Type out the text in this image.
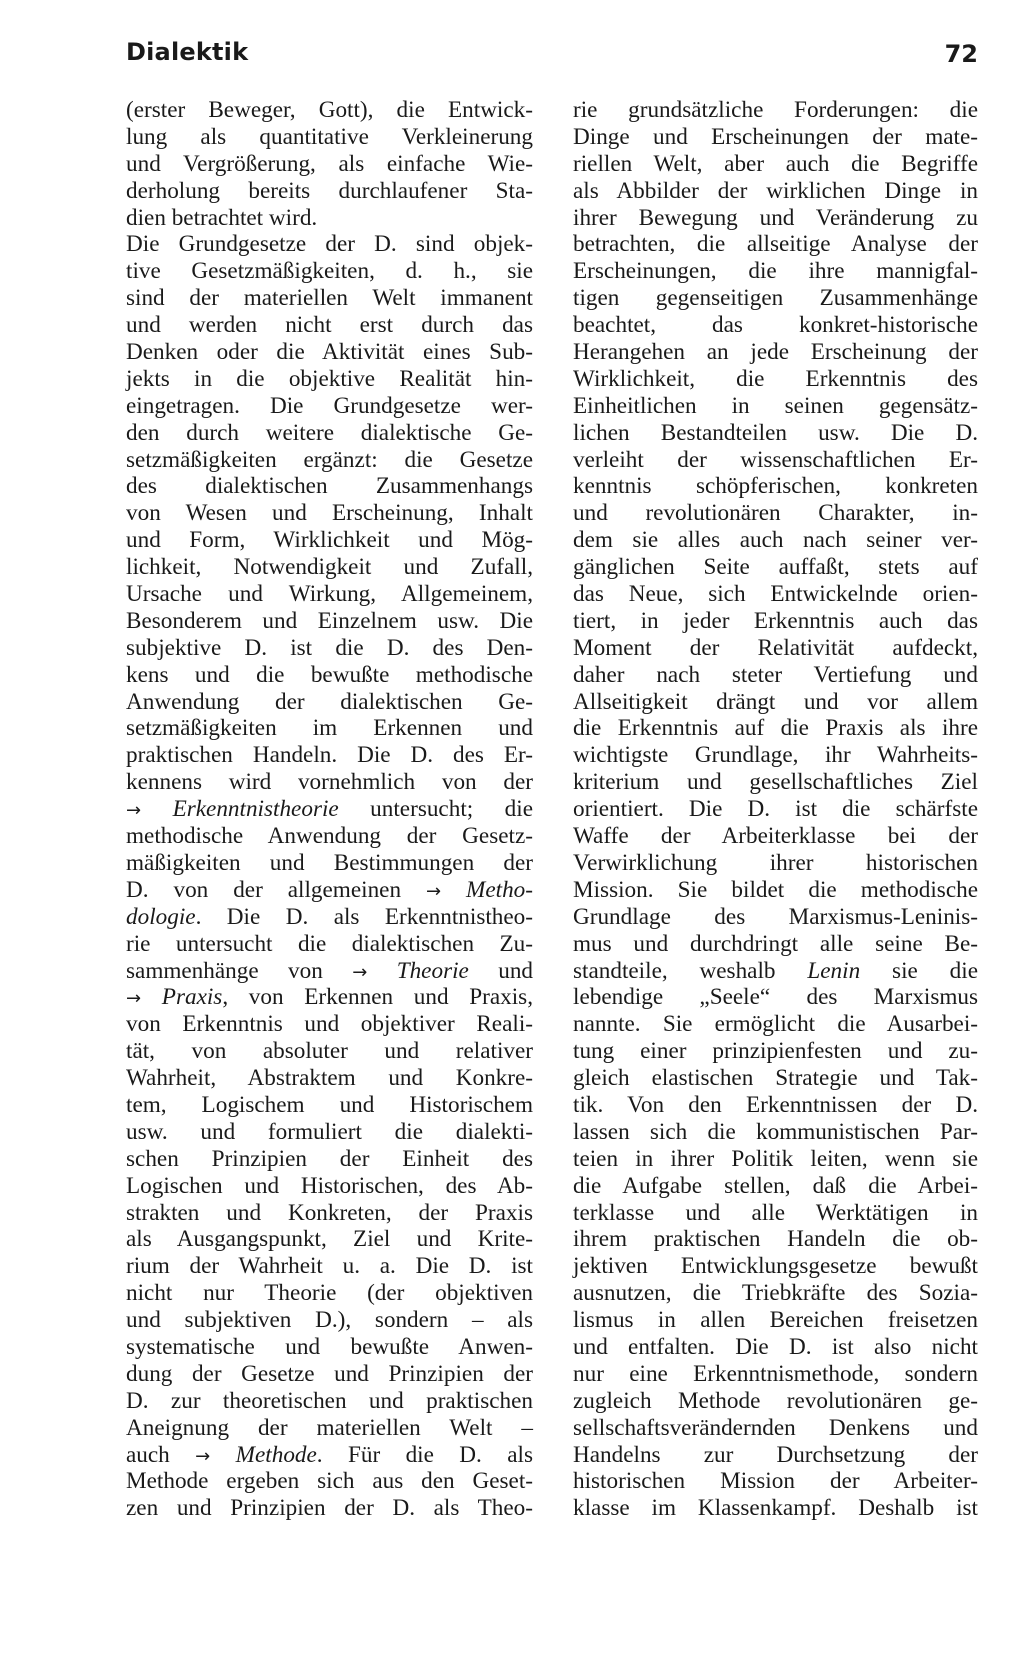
Dialektik	72
(erster Beweger, Gott), die Entwick-
lung als quantitative Verkleinerung
und Vergrößerung, als einfache Wie-
derholung bereits durchlaufener Sta-
dien betrachtet wird.
Die Grundgesetze der D. sind objek-
tive Gesetzmäßigkeiten, d. h., sie
sind der materiellen Welt immanent
und werden nicht erst durch das
Denken oder die Aktivität eines Sub-
jekts in die objektive Realität hin-
eingetragen. Die Grundgesetze wer-
den durch weitere dialektische Ge-
setzmäßigkeiten ergänzt: die Gesetze
des dialektischen Zusammenhangs
von Wesen und Erscheinung, Inhalt
und Form, Wirklichkeit und Mög-
lichkeit, Notwendigkeit und Zufall,
Ursache und Wirkung, Allgemeinem,
Besonderem und Einzelnem usw. Die
subjektive D. ist die D. des Den-
kens und die bewußte methodische
Anwendung der dialektischen Ge-
setzmäßigkeiten im Erkennen und
praktischen Handeln. Die D. des Er-
kennens wird vornehmlich von der
→ Erkenntnistheorie untersucht; die
methodische Anwendung der Gesetz-
mäßigkeiten und Bestimmungen der
D. von der allgemeinen → Metho-
dologie. Die D. als Erkenntnistheo-
rie untersucht die dialektischen Zu-
sammenhänge von → Theorie und
→ Praxis, von Erkennen und Praxis,
von Erkenntnis und objektiver Reali-
tät, von absoluter und relativer
Wahrheit, Abstraktem und Konkre-
tem, Logischem und Historischem
usw. und formuliert die dialekti-
schen Prinzipien der Einheit des
Logischen und Historischen, des Ab-
strakten und Konkreten, der Praxis
als Ausgangspunkt, Ziel und Krite-
rium der Wahrheit u. a. Die D. ist
nicht nur Theorie (der objektiven
und subjektiven D.), sondern – als
systematische und bewußte Anwen-
dung der Gesetze und Prinzipien der
D. zur theoretischen und praktischen
Aneignung der materiellen Welt –
auch → Methode. Für die D. als
Methode ergeben sich aus den Geset-
zen und Prinzipien der D. als Theo-
rie grundsätzliche Forderungen: die
Dinge und Erscheinungen der mate-
riellen Welt, aber auch die Begriffe
als Abbilder der wirklichen Dinge in
ihrer Bewegung und Veränderung zu
betrachten, die allseitige Analyse der
Erscheinungen, die ihre mannigfal-
tigen gegenseitigen Zusammenhänge
beachtet, das konkret-historische
Herangehen an jede Erscheinung der
Wirklichkeit, die Erkenntnis des
Einheitlichen in seinen gegensätz-
lichen Bestandteilen usw. Die D.
verleiht der wissenschaftlichen Er-
kenntnis schöpferischen, konkreten
und revolutionären Charakter, in-
dem sie alles auch nach seiner ver-
gänglichen Seite auffaßt, stets auf
das Neue, sich Entwickelnde orien-
tiert, in jeder Erkenntnis auch das
Moment der Relativität aufdeckt,
daher nach steter Vertiefung und
Allseitigkeit drängt und vor allem
die Erkenntnis auf die Praxis als ihre
wichtigste Grundlage, ihr Wahrheits-
kriterium und gesellschaftliches Ziel
orientiert. Die D. ist die schärfste
Waffe der Arbeiterklasse bei der
Verwirklichung ihrer historischen
Mission. Sie bildet die methodische
Grundlage des Marxismus-Leninis-
mus und durchdringt alle seine Be-
standteile, weshalb Lenin sie die
lebendige „Seele“ des Marxismus
nannte. Sie ermöglicht die Ausarbei-
tung einer prinzipienfesten und zu-
gleich elastischen Strategie und Tak-
tik. Von den Erkenntnissen der D.
lassen sich die kommunistischen Par-
teien in ihrer Politik leiten, wenn sie
die Aufgabe stellen, daß die Arbei-
terklasse und alle Werktätigen in
ihrem praktischen Handeln die ob-
jektiven Entwicklungsgesetze bewußt
ausnutzen, die Triebkräfte des Sozia-
lismus in allen Bereichen freisetzen
und entfalten. Die D. ist also nicht
nur eine Erkenntnismethode, sondern
zugleich Methode revolutionären ge-
sellschaftsverändernden Denkens und
Handelns zur Durchsetzung der
historischen Mission der Arbeiter-
klasse im Klassenkampf. Deshalb ist
